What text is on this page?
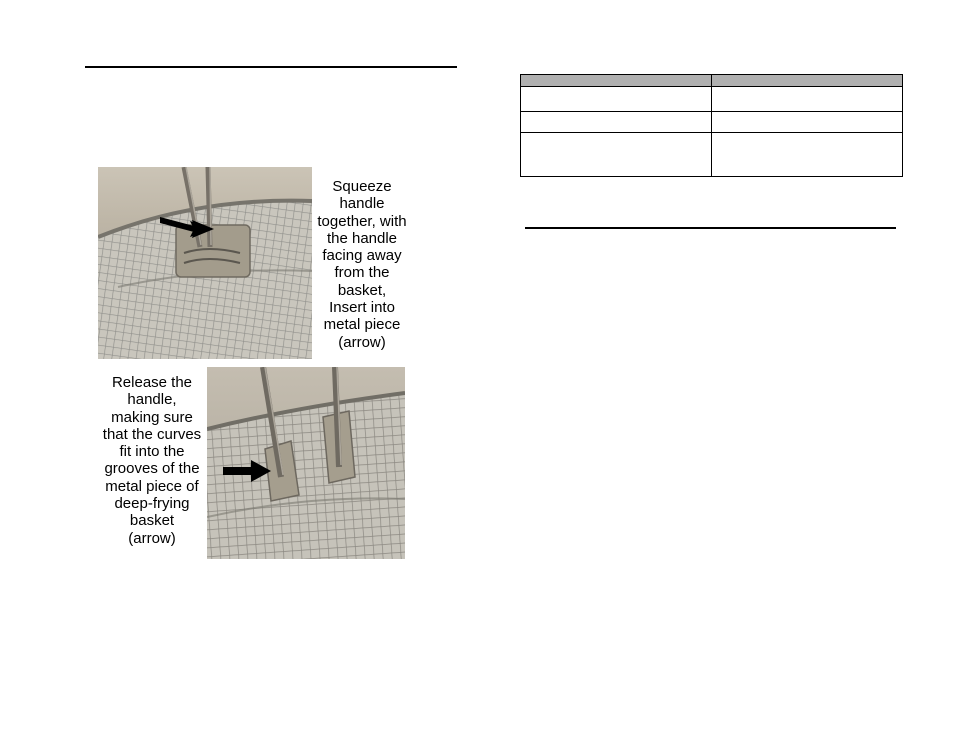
Squeeze
handle
together, with
the handle
facing away
from the
basket,
Insert into
metal piece
(arrow)
Release the
handle,
making sure
that the curves
fit into the
grooves of the
metal piece of
deep-frying
basket
(arrow)
